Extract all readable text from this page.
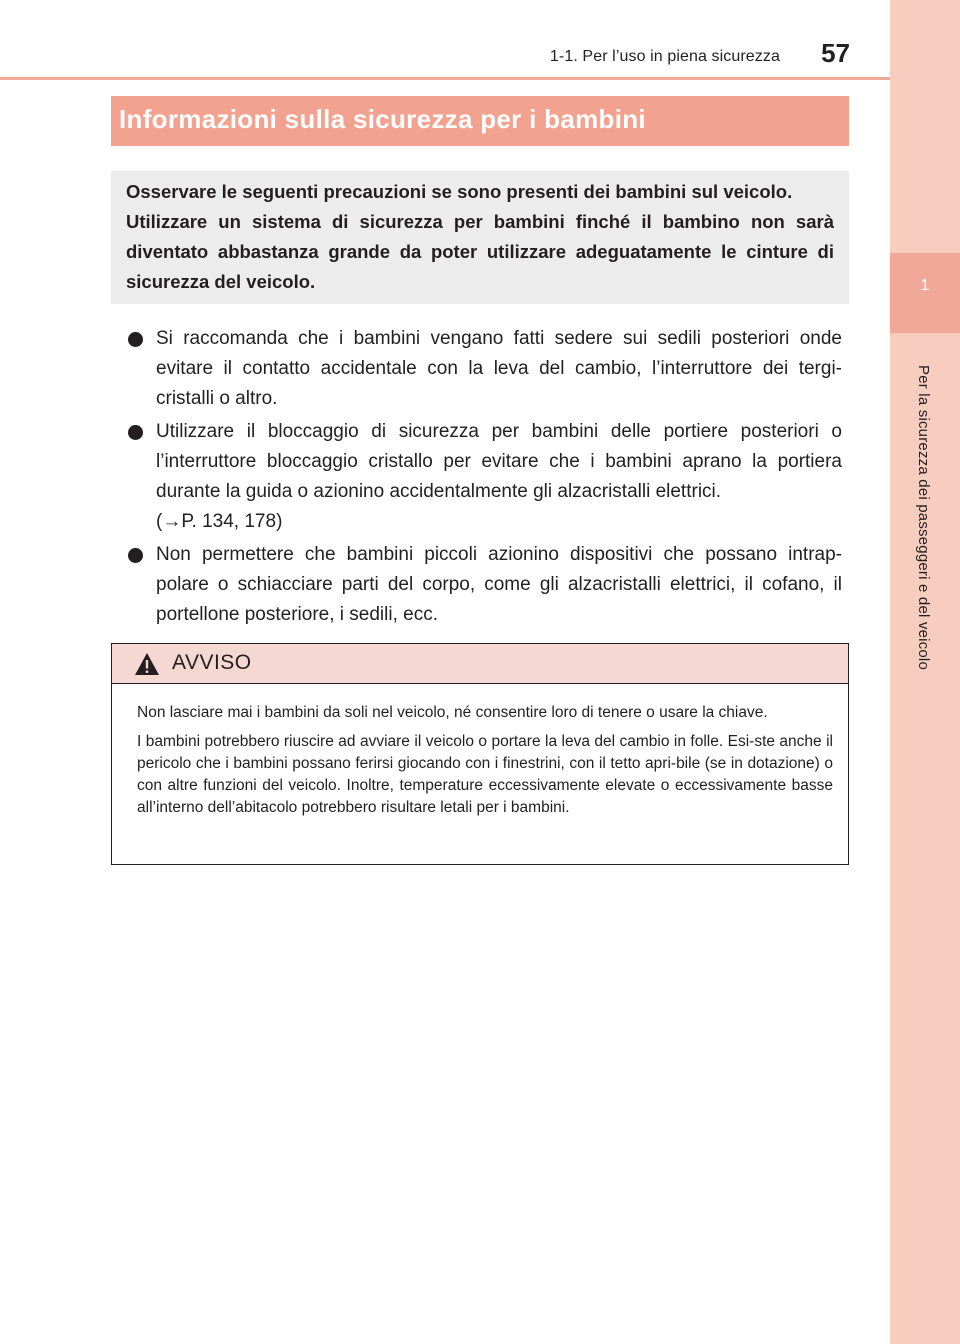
1-1. Per l’uso in piena sicurezza 57
1
Per la sicurezza dei passeggeri e del veicolo
Informazioni sulla sicurezza per i bambini
Osservare le seguenti precauzioni se sono presenti dei bambini sul veicolo.
Utilizzare un sistema di sicurezza per bambini finché il bambino non sarà diventato abbastanza grande da poter utilizzare adeguatamente le cinture di sicurezza del veicolo.
Si raccomanda che i bambini vengano fatti sedere sui sedili posteriori onde evitare il contatto accidentale con la leva del cambio, l’interruttore dei tergi-cristalli o altro.
Utilizzare il bloccaggio di sicurezza per bambini delle portiere posteriori o l’interruttore bloccaggio cristallo per evitare che i bambini aprano la portiera durante la guida o azionino accidentalmente gli alzacristalli elettrici.
(→P. 134, 178)
Non permettere che bambini piccoli azionino dispositivi che possano intrap-polare o schiacciare parti del corpo, come gli alzacristalli elettrici, il cofano, il portellone posteriore, i sedili, ecc.
AVVISO

Non lasciare mai i bambini da soli nel veicolo, né consentire loro di tenere o usare la chiave.

I bambini potrebbero riuscire ad avviare il veicolo o portare la leva del cambio in folle. Esi-ste anche il pericolo che i bambini possano ferirsi giocando con i finestrini, con il tetto apri-bile (se in dotazione) o con altre funzioni del veicolo. Inoltre, temperature eccessivamente elevate o eccessivamente basse all’interno dell’abitacolo potrebbero risultare letali per i bambini.
